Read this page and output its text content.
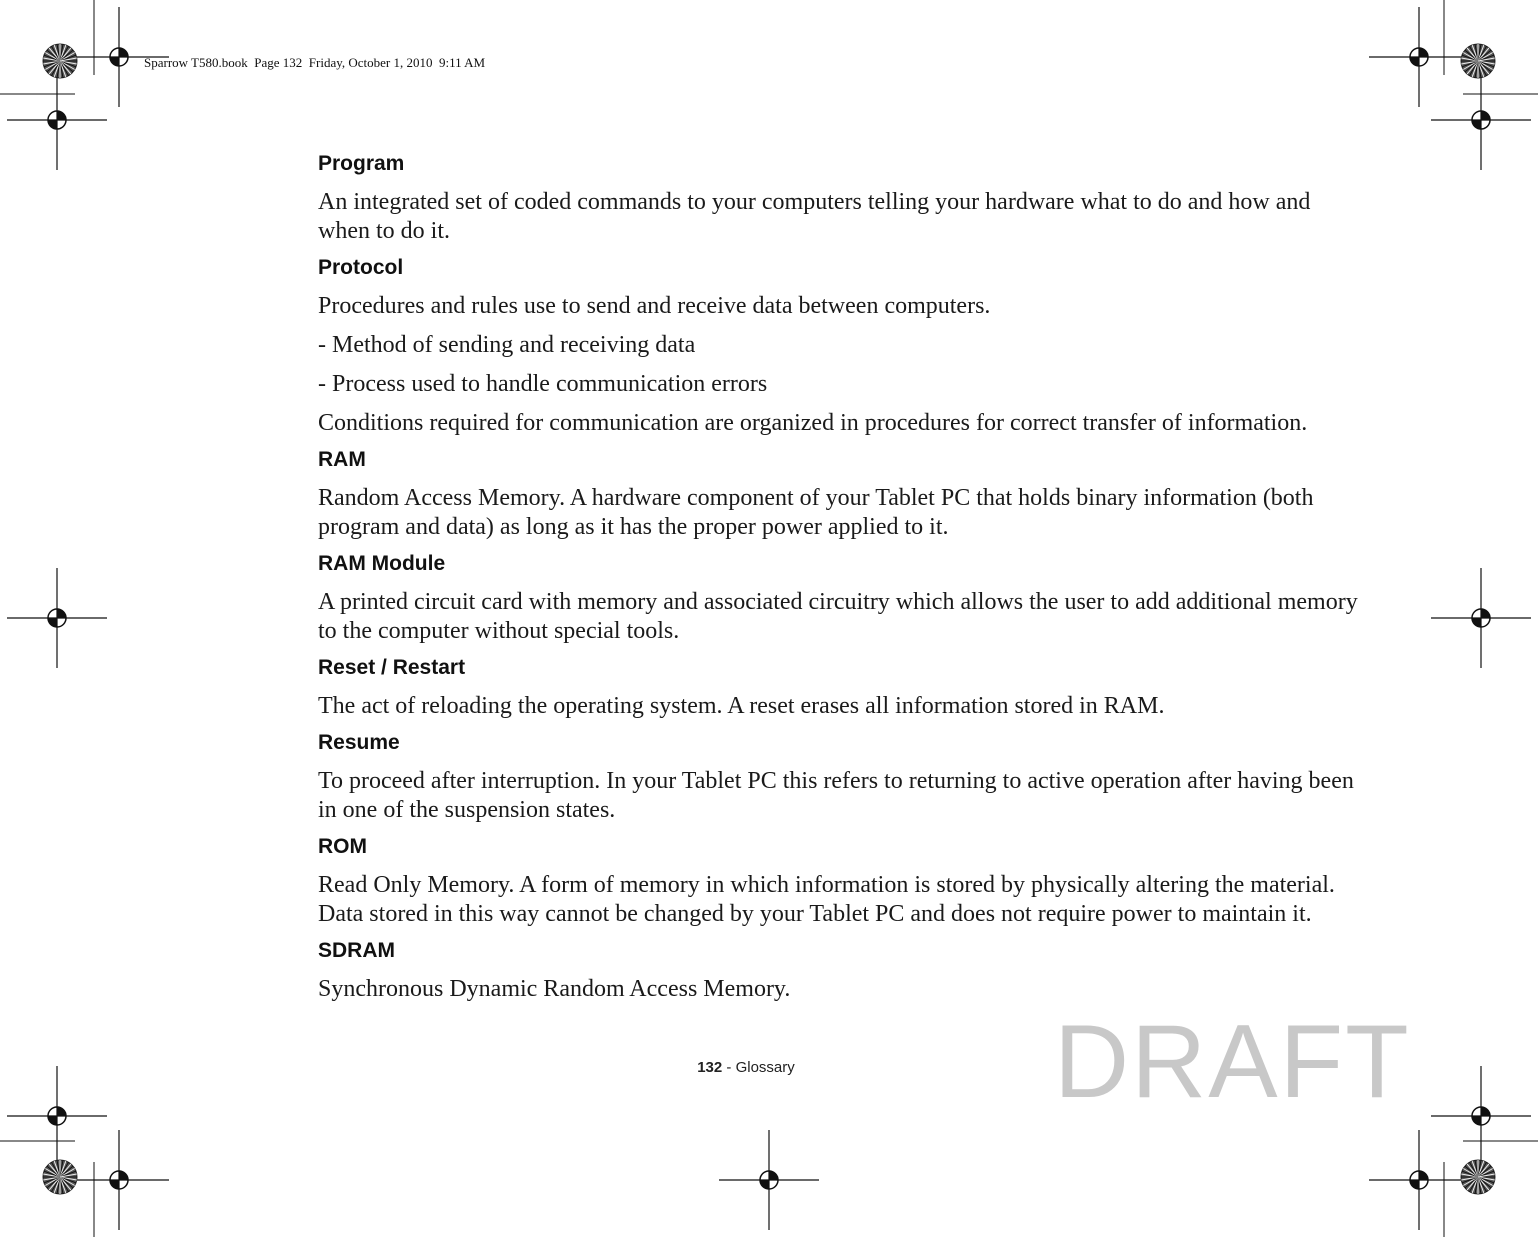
Sparrow T580.book  Page 132  Friday, October 1, 2010  9:11 AM
Program
An integrated set of coded commands to your computers telling your hardware what to do and how and when to do it.
Protocol
Procedures and rules use to send and receive data between computers.
- Method of sending and receiving data
- Process used to handle communication errors
Conditions required for communication are organized in procedures for correct transfer of information.
RAM
Random Access Memory. A hardware component of your Tablet PC that holds binary information (both program and data) as long as it has the proper power applied to it.
RAM Module
A printed circuit card with memory and associated circuitry which allows the user to add additional memory to the computer without special tools.
Reset / Restart
The act of reloading the operating system. A reset erases all information stored in RAM.
Resume
To proceed after interruption. In your Tablet PC this refers to returning to active operation after having been in one of the suspension states.
ROM
Read Only Memory. A form of memory in which information is stored by physically altering the material. Data stored in this way cannot be changed by your Tablet PC and does not require power to maintain it.
SDRAM
Synchronous Dynamic Random Access Memory.
132 - Glossary	DRAFT
